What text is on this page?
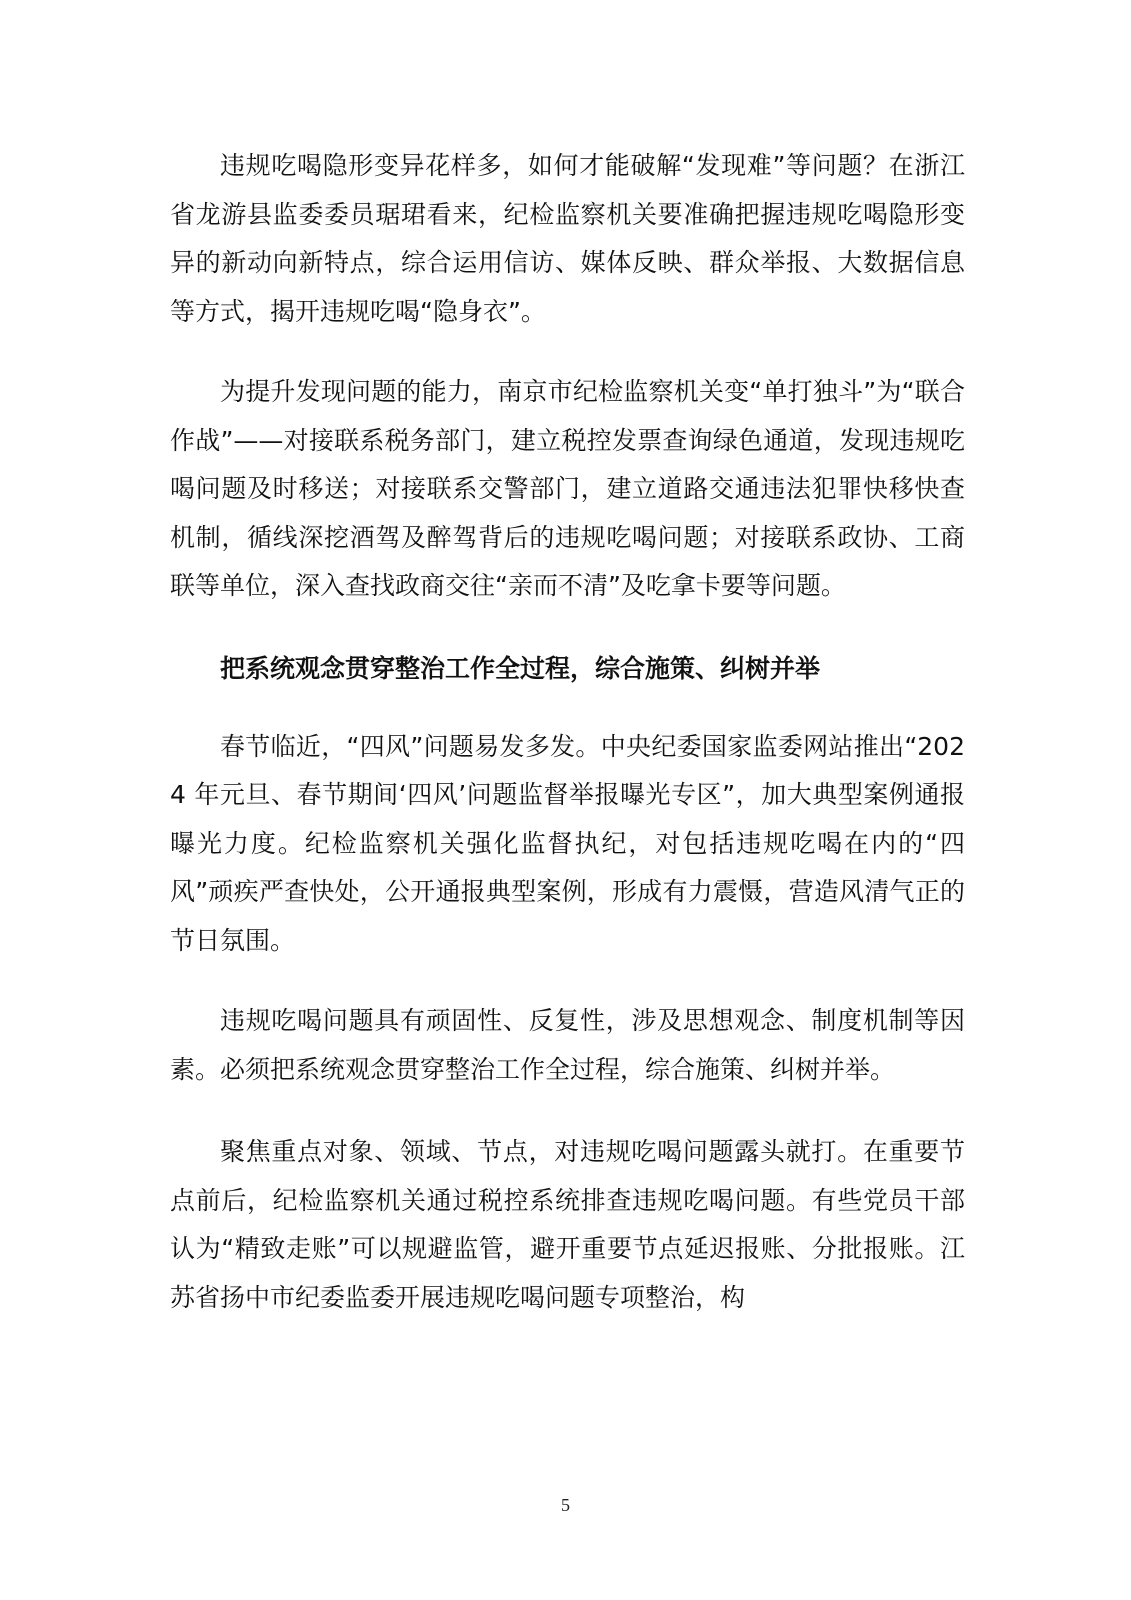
违规吃喝隐形变异花样多，如何才能破解“发现难”等问题？在浙江省龙游县监委委员琚珺看来，纪检监察机关要准确把握违规吃喝隐形变异的新动向新特点，综合运用信访、媒体反映、群众举报、大数据信息等方式，揭开违规吃喝“隐身衣”。

为提升发现问题的能力，南京市纪检监察机关变“单打独斗”为“联合作战”——对接联系税务部门，建立税控发票查询绿色通道，发现违规吃喝问题及时移送；对接联系交警部门，建立道路交通违法犯罪快移快查机制，循线深挖酒驾及醉驾背后的违规吃喝问题；对接联系政协、工商联等单位，深入查找政商交往“亲而不清”及吃拿卡要等问题。

把系统观念贯穿整治工作全过程，综合施策、纠树并举

春节临近，“四风”问题易发多发。中央纪委国家监委网站推出“2024 年元旦、春节期间‘四风’问题监督举报曝光专区”，加大典型案例通报曝光力度。纪检监察机关强化监督执纪，对包括违规吃喝在内的“四风”顽疾严查快处，公开通报典型案例，形成有力震慑，营造风清气正的节日氛围。

违规吃喝问题具有顽固性、反复性，涉及思想观念、制度机制等因素。必须把系统观念贯穿整治工作全过程，综合施策、纠树并举。

聚焦重点对象、领域、节点，对违规吃喝问题露头就打。在重要节点前后，纪检监察机关通过税控系统排查违规吃喝问题。有些党员干部认为“精致走账”可以规避监管，避开重要节点延迟报账、分批报账。江苏省扬中市纪委监委开展违规吃喝问题专项整治，构

5
